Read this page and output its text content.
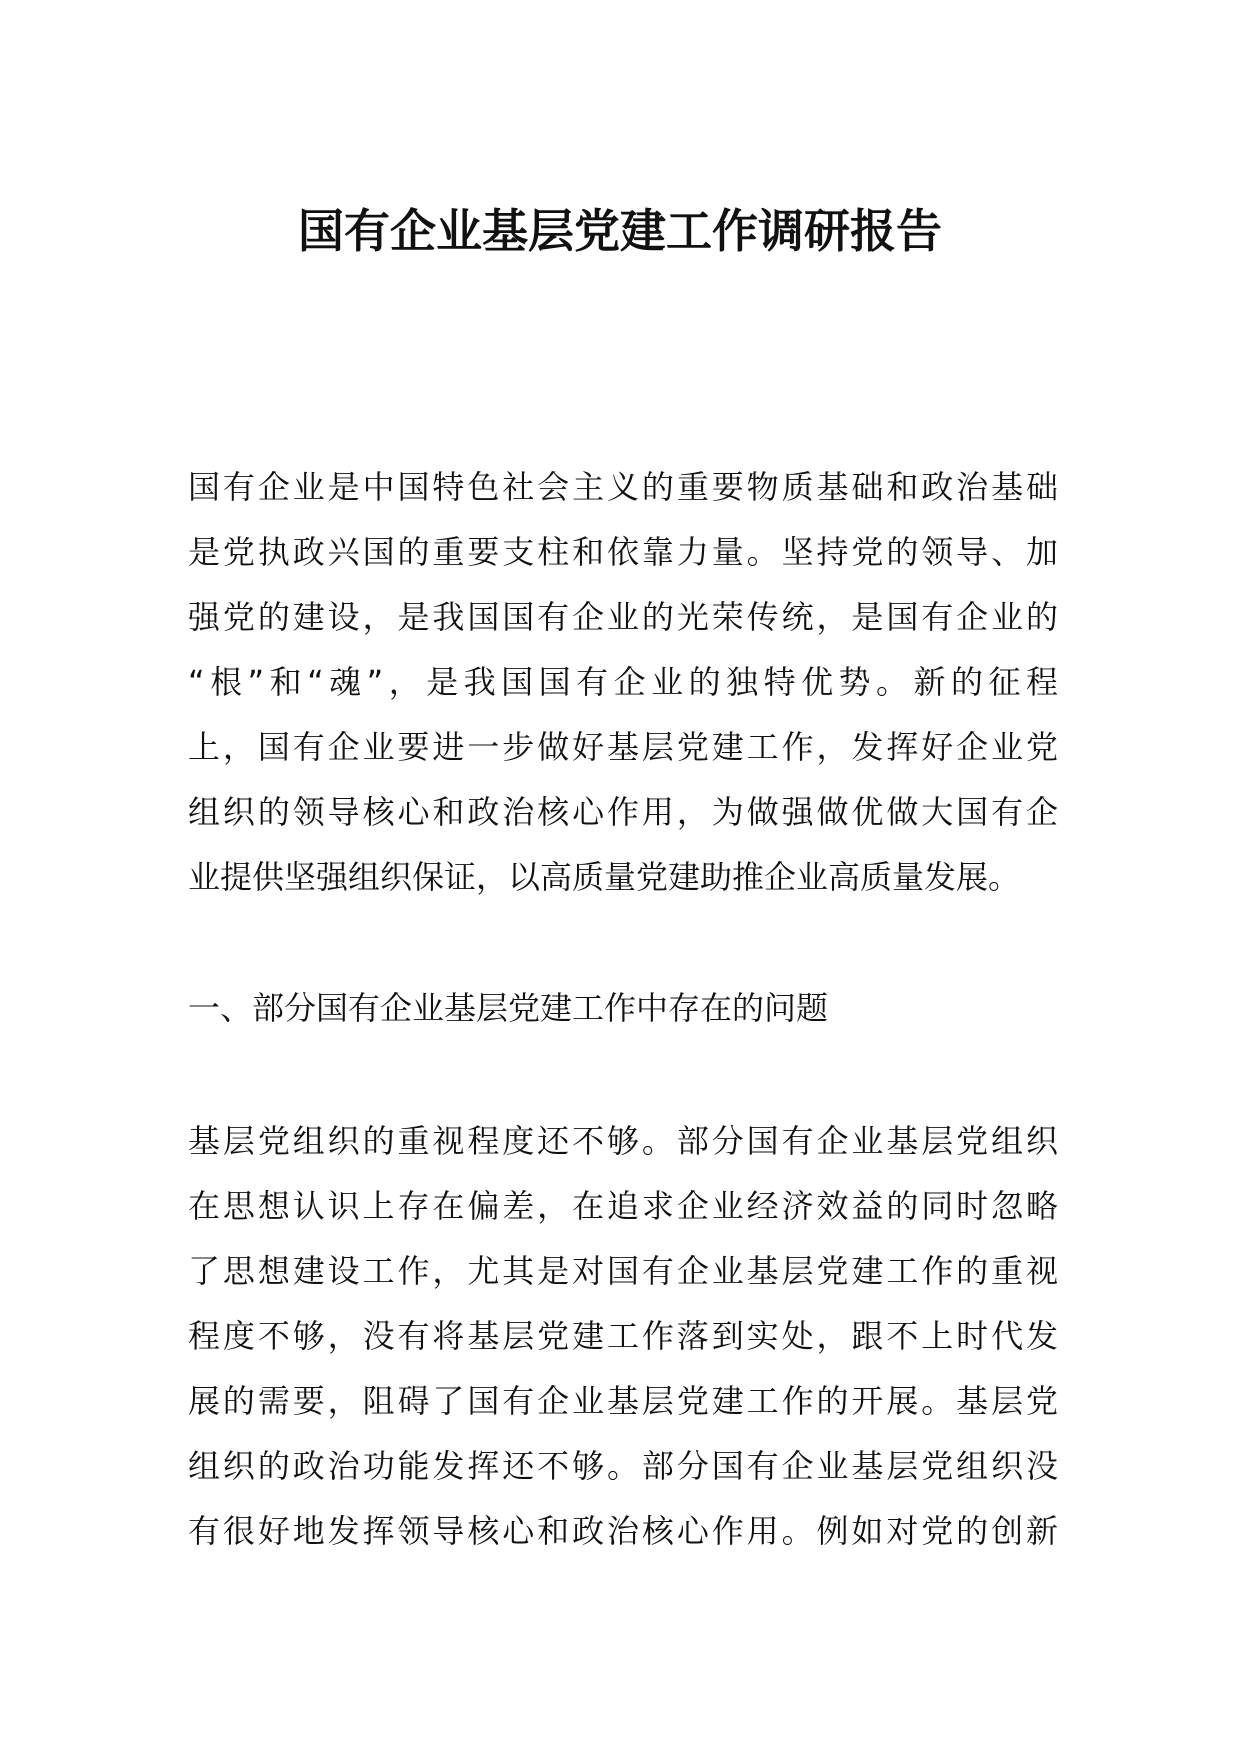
国有企业基层党建工作调研报告

国有企业是中国特色社会主义的重要物质基础和政治基础
是党执政兴国的重要支柱和依靠力量。坚持党的领导、加
强党的建设，是我国国有企业的光荣传统，是国有企业的
“根”和“魂”，是我国国有企业的独特优势。新的征程
上，国有企业要进一步做好基层党建工作，发挥好企业党
组织的领导核心和政治核心作用，为做强做优做大国有企
业提供坚强组织保证，以高质量党建助推企业高质量发展。

一、部分国有企业基层党建工作中存在的问题

基层党组织的重视程度还不够。部分国有企业基层党组织
在思想认识上存在偏差，在追求企业经济效益的同时忽略
了思想建设工作，尤其是对国有企业基层党建工作的重视
程度不够，没有将基层党建工作落到实处，跟不上时代发
展的需要，阻碍了国有企业基层党建工作的开展。基层党
组织的政治功能发挥还不够。部分国有企业基层党组织没
有很好地发挥领导核心和政治核心作用。例如对党的创新
